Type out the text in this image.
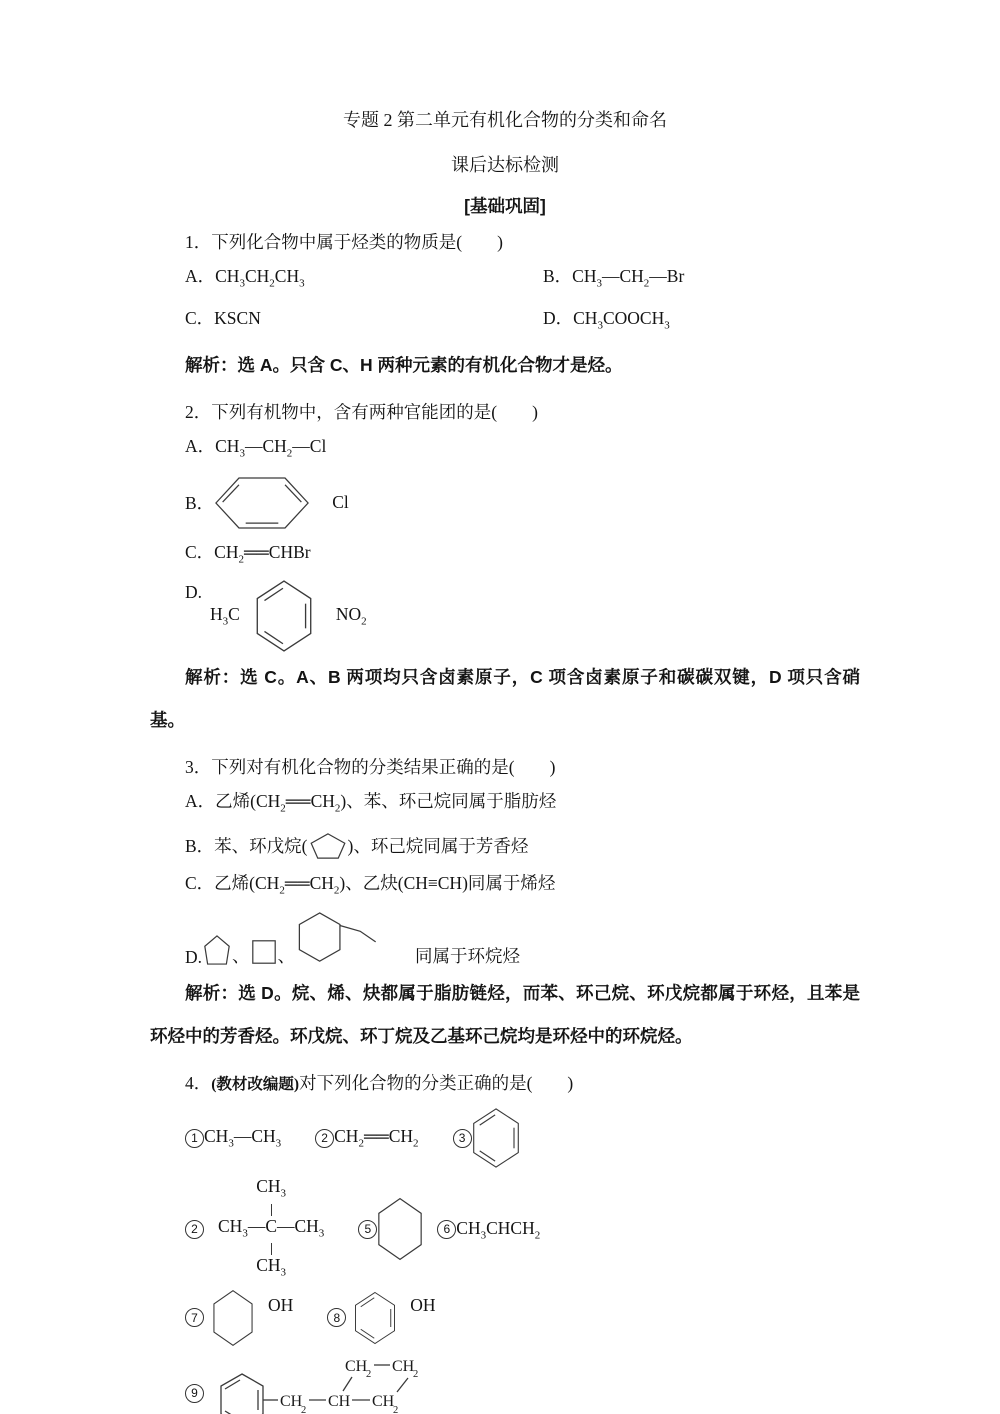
专题 2 第二单元有机化合物的分类和命名

课后达标检测

[基础巩固]

1．下列化合物中属于烃类的物质是(　　)

A．$CH_3CH_2CH_3$	B．$CH_3—CH_2—Br$
C．KSCN	D．$CH_3COOCH_3$

解析：选 A。只含 C、H 两种元素的有机化合物才是烃。

2．下列有机物中，含有两种官能团的是(　　)

A．$CH_3—CH_2—Cl$

B．	Cl

C．$CH_2══CHBr$

D.
$H_3C$	$NO_2$

解析：选 C。A、B 两项均只含卤素原子，C 项含卤素原子和碳碳双键，D 项只含硝基。

3．下列对有机化合物的分类结果正确的是(　　)

A．乙烯$(CH_2══CH_2)$、苯、环己烷同属于脂肪烃

B．苯、环戊烷( )、环己烷同属于芳香烃

C．乙烯$(CH_2══CH_2)$、乙炔(CH≡CH)同属于烯烃

D. 、 、	同属于环烷烃

解析：选 D。烷、烯、炔都属于脂肪链烃，而苯、环己烷、环戊烷都属于环烃，且苯是环烃中的芳香烃。环戊烷、环丁烷及乙基环己烷均是环烃中的环烷烃。

4．(教材改编题)对下列化合物的分类正确的是(　　)

1 $CH_3—CH_3$	2 $CH_2══CH_2$	3
2
$CH_3$
$CH_3—C—CH_3$
$CH_3$
5	6 $CH_3CHCH_2$
7
OH
8
OH
9	CH
2
CH CH
2
CH
2 CH
2
